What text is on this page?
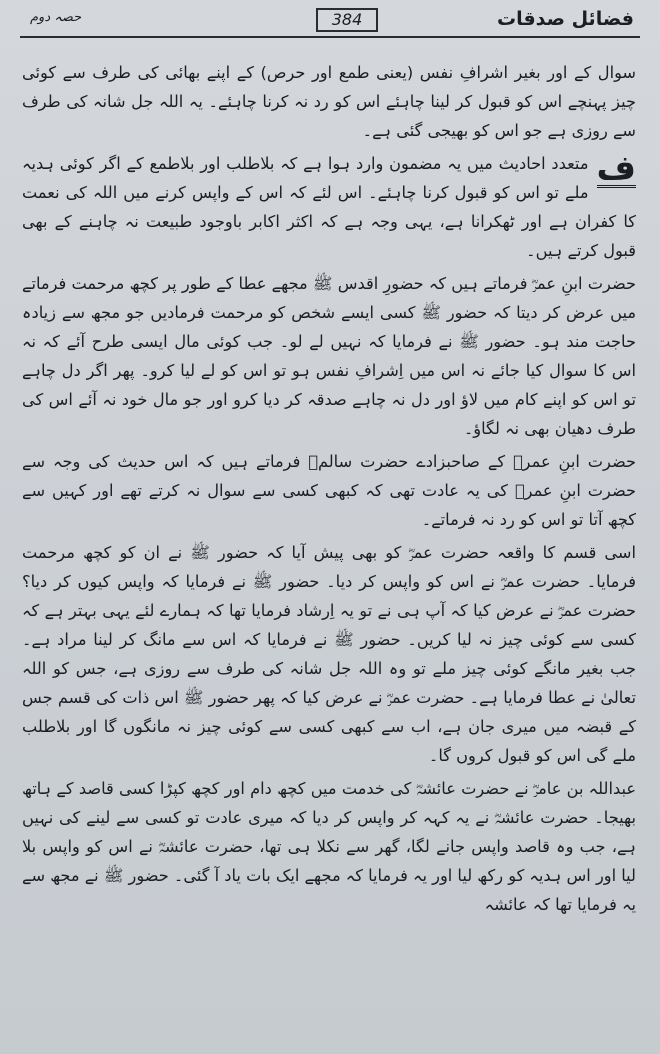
فضائل صدقات
384
حصہ دوم

سوال کے اور بغیر اشرافِ نفس (یعنی طمع اور حرص) کے اپنے بھائی کی طرف سے کوئی چیز پہنچے اس کو قبول کر لینا چاہئے اس کو رد نہ کرنا چاہئے۔ یہ اللہ جل شانہ کی طرف سے روزی ہے جو اس کو بھیجی گئی ہے۔

ف
متعدد احادیث میں یہ مضمون وارد ہوا ہے کہ بلاطلب اور بلاطمع کے اگر کوئی ہدیہ ملے تو اس کو قبول کرنا چاہئے۔ اس لئے کہ اس کے واپس کرنے میں اللہ کی نعمت کا کفران ہے اور ٹھکرانا ہے، یہی وجہ ہے کہ اکثر اکابر باوجود طبیعت نہ چاہنے کے بھی قبول کرتے ہیں۔

حضرت ابنِ عمرؓ فرماتے ہیں کہ حضورِ اقدس ﷺ مجھے عطا کے طور پر کچھ مرحمت فرماتے میں عرض کر دیتا کہ حضور ﷺ کسی ایسے شخص کو مرحمت فرمادیں جو مجھ سے زیادہ حاجت مند ہو۔ حضور ﷺ نے فرمایا کہ نہیں لے لو۔ جب کوئی مال ایسی طرح آئے کہ نہ اس کا سوال کیا جائے نہ اس میں اِشرافِ نفس ہو تو اس کو لے لیا کرو۔ پھر اگر دل چاہے تو اس کو اپنے کام میں لاؤ اور دل نہ چاہے صدقہ کر دیا کرو اور جو مال خود نہ آئے اس کی طرف دھیان بھی نہ لگاؤ۔

حضرت ابنِ عمرؓ کے صاحبزادے حضرت سالمؒ فرماتے ہیں کہ اس حدیث کی وجہ سے حضرت ابنِ عمرؓ کی یہ عادت تھی کہ کبھی کسی سے سوال نہ کرتے تھے اور کہیں سے کچھ آتا تو اس کو رد نہ فرماتے۔

اسی قسم کا واقعہ حضرت عمرؓ کو بھی پیش آیا کہ حضور ﷺ نے ان کو کچھ مرحمت فرمایا۔ حضرت عمرؓ نے اس کو واپس کر دیا۔ حضور ﷺ نے فرمایا کہ واپس کیوں کر دیا؟ حضرت عمرؓ نے عرض کیا کہ آپ ہی نے تو یہ اِرشاد فرمایا تھا کہ ہمارے لئے یہی بہتر ہے کہ کسی سے کوئی چیز نہ لیا کریں۔ حضور ﷺ نے فرمایا کہ اس سے مانگ کر لینا مراد ہے۔ جب بغیر مانگے کوئی چیز ملے تو وہ اللہ جل شانہ کی طرف سے روزی ہے، جس کو اللہ تعالیٰ نے عطا فرمایا ہے۔ حضرت عمرؓ نے عرض کیا کہ پھر حضور ﷺ اس ذات کی قسم جس کے قبضہ میں میری جان ہے، اب سے کبھی کسی سے کوئی چیز نہ مانگوں گا اور بلاطلب ملے گی اس کو قبول کروں گا۔

عبداللہ بن عامرؓ نے حضرت عائشہؓ کی خدمت میں کچھ دام اور کچھ کپڑا کسی قاصد کے ہاتھ بھیجا۔ حضرت عائشہؓ نے یہ کہہ کر واپس کر دیا کہ میری عادت تو کسی سے لینے کی نہیں ہے، جب وہ قاصد واپس جانے لگا، گھر سے نکلا ہی تھا، حضرت عائشہؓ نے اس کو واپس بلا لیا اور اس ہدیہ کو رکھ لیا اور یہ فرمایا کہ مجھے ایک بات یاد آ گئی۔ حضور ﷺ نے مجھ سے یہ فرمایا تھا کہ عائشہ
